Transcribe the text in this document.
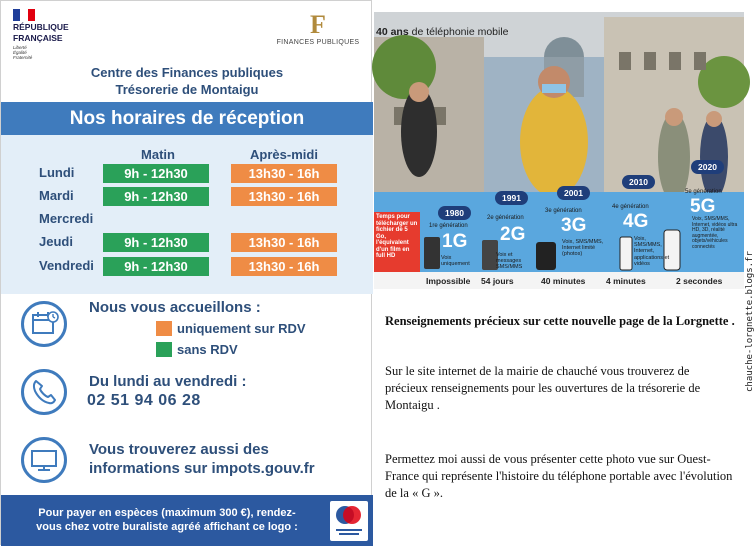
RÉPUBLIQUE
FRANÇAISE
Liberté
Égalité
Fraternité
F
FINANCES PUBLIQUES
Centre des Finances publiques
Trésorerie de Montaigu
Nos horaires de réception
Matin	Après-midi
Lundi	9h - 12h30	13h30 - 16h
Mardi	9h - 12h30	13h30 - 16h
Mercredi
Jeudi	9h - 12h30	13h30 - 16h
Vendredi	9h - 12h30	13h30 - 16h
Nous vous accueillons :
uniquement sur RDV
sans RDV
Du lundi au vendredi :
02 51 94 06 28
Vous trouverez aussi des
informations sur impots.gouv.fr
Pour payer en espèces (maximum 300 €), rendez-
vous chez votre buraliste agréé affichant ce logo :
40 ans de téléphonie mobile
Temps pour télécharger un fichier de 5 Go, l'équivalent d'un film en full HD
1980
1re génération
1G
Voix uniquement
Impossible
1991
2e génération
2G
Voix et messages SMS/MMS
54 jours
2001
3e génération
3G
Voix, SMS/MMS, Internet limité (photos)
40 minutes
2010
4e génération
4G
Voix, SMS/MMS, Internet, applications et vidéos
4 minutes
2020
5e génération
5G
Voix, SMS/MMS, Internet, vidéos ultra HD, 3D, réalité augmentée, objets/véhicules connectés
2 secondes
Renseignements précieux sur cette nouvelle page de la Lorgnette .
Sur le site internet de la mairie de chauché vous trouverez de précieux renseignements pour les ouvertures de la trésorerie de Montaigu .
Permettez moi aussi de vous présenter cette photo vue sur Ouest-France qui représente l'histoire du téléphone portable avec l'évolution de la « G ».
chauche-lorgnette.blogs.fr
